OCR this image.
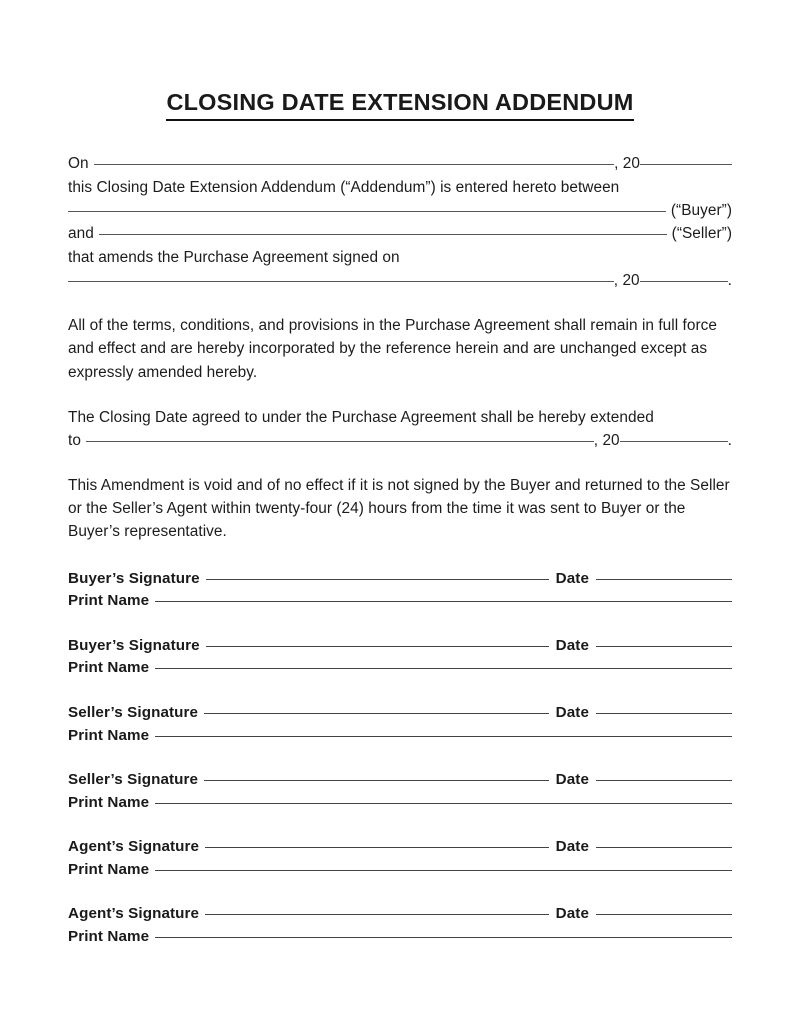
CLOSING DATE EXTENSION ADDENDUM
On	, 20
this Closing Date Extension Addendum (“Addendum”) is entered hereto between
(“Buyer”)
and	(“Seller”)
that amends the Purchase Agreement signed on
, 20	.

All of the terms, conditions, and provisions in the Purchase Agreement shall remain in full force and effect and are hereby incorporated by the reference herein and are unchanged except as expressly amended hereby.

The Closing Date agreed to under the Purchase Agreement shall be hereby extended

to	, 20	.

This Amendment is void and of no effect if it is not signed by the Buyer and returned to the Seller or the Seller’s Agent within twenty-four (24) hours from the time it was sent to Buyer or the Buyer’s representative.

Buyer’s Signature	Date
Print Name
Buyer’s Signature	Date
Print Name
Seller’s Signature	Date
Print Name
Seller’s Signature	Date
Print Name
Agent’s Signature	Date
Print Name
Agent’s Signature	Date
Print Name
